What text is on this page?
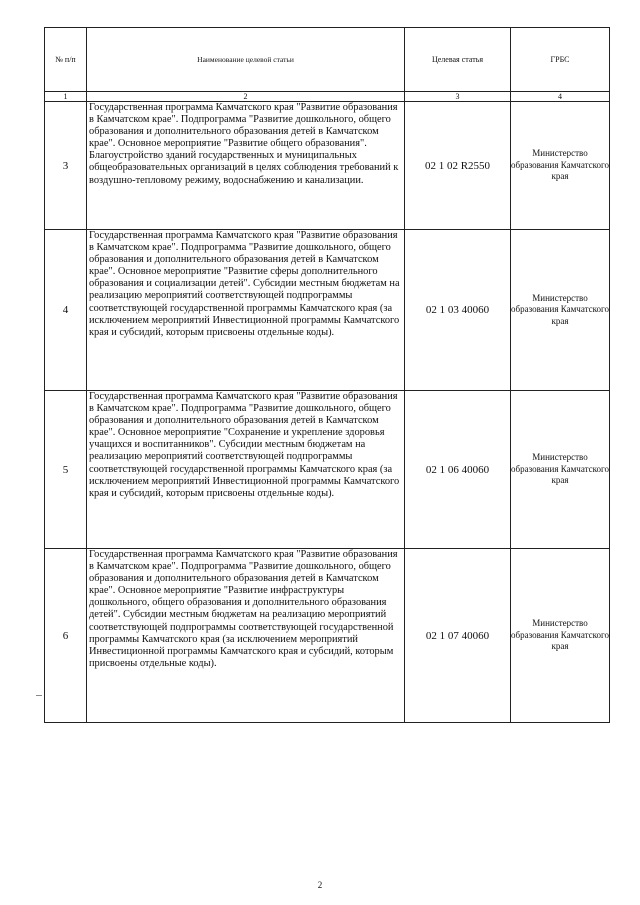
№ п/п	Наименование целевой статьи	Целевая статья	ГРБС
1	2	3	4
3	Государственная программа Камчатского края "Развитие образования в Камчатском крае". Подпрограмма "Развитие дошкольного, общего образования и дополнительного образования детей в Камчатском крае". Основное мероприятие "Развитие общего образования". Благоустройство зданий государственных и муниципальных общеобразовательных организаций в целях соблюдения требований к воздушно-тепловому режиму, водоснабжению и канализации.	02 1 02 R2550	Министерство образования Камчатского края
4	Государственная программа Камчатского края "Развитие образования в Камчатском крае". Подпрограмма "Развитие дошкольного, общего образования и дополнительного образования детей в Камчатском крае". Основное мероприятие "Развитие сферы дополнительного образования и социализации детей". Субсидии местным бюджетам на реализацию мероприятий соответствующей подпрограммы соответствующей государственной программы Камчатского края (за исключением мероприятий Инвестиционной программы Камчатского края и субсидий, которым присвоены отдельные коды).	02 1 03 40060	Министерство образования Камчатского края
5	Государственная программа Камчатского края "Развитие образования в Камчатском крае". Подпрограмма "Развитие дошкольного, общего образования и дополнительного образования детей в Камчатском крае". Основное мероприятие "Сохранение и укрепление здоровья учащихся и воспитанников". Субсидии местным бюджетам на реализацию мероприятий соответствующей подпрограммы соответствующей государственной программы Камчатского края (за исключением мероприятий Инвестиционной программы Камчатского края и субсидий, которым присвоены отдельные коды).	02 1 06 40060	Министерство образования Камчатского края
6	Государственная программа Камчатского края "Развитие образования в Камчатском крае". Подпрограмма "Развитие дошкольного, общего образования и дополнительного образования детей в Камчатском крае". Основное мероприятие "Развитие инфраструктуры дошкольного, общего образования и дополнительного образования детей". Субсидии местным бюджетам на реализацию мероприятий соответствующей подпрограммы соответствующей государственной программы Камчатского края (за исключением мероприятий Инвестиционной программы Камчатского края и субсидий, которым присвоены отдельные коды).	02 1 07 40060	Министерство образования Камчатского края
2
